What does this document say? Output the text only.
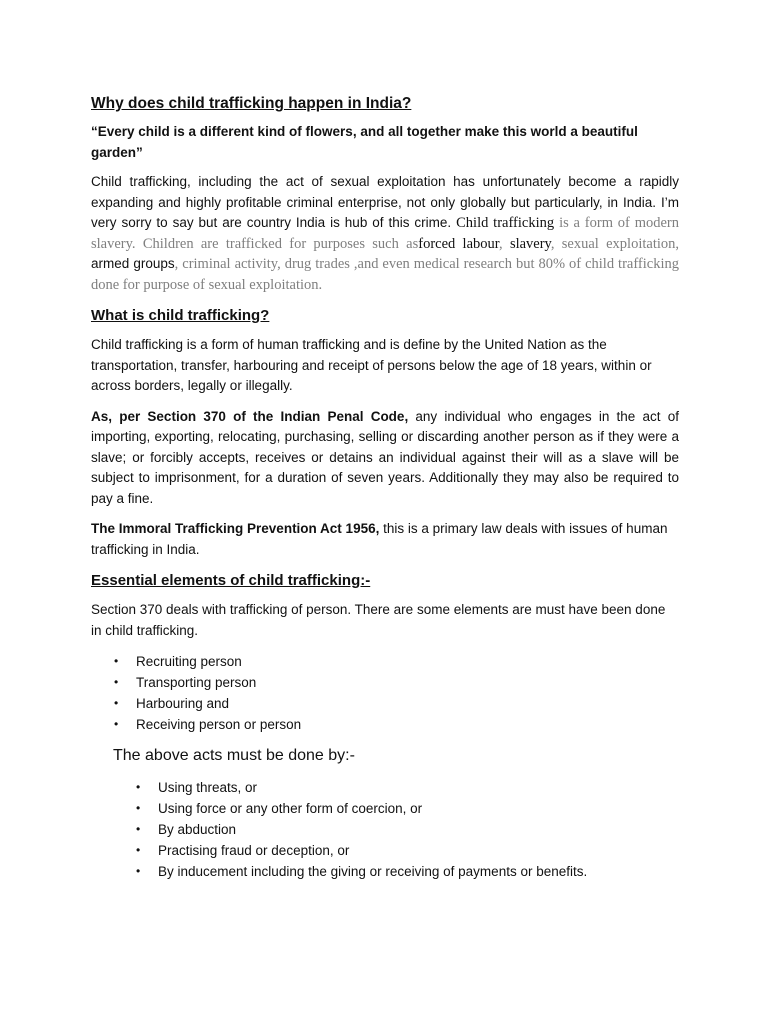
Why does child trafficking happen in India?

“Every child is a different kind of flowers, and all together make this world a beautiful garden”

Child trafficking, including the act of sexual exploitation has unfortunately become a rapidly expanding and highly profitable criminal enterprise, not only globally but particularly, in India. I’m very sorry to say but are country India is hub of this crime. Child trafficking is a form of modern slavery. Children are trafficked for purposes such asforced labour, slavery, sexual exploitation, armed groups, criminal activity, drug trades ,and even medical research but 80% of child trafficking done for purpose of sexual exploitation.

What is child trafficking?

Child trafficking is a form of human trafficking and is define by the United Nation as the transportation, transfer, harbouring and receipt of persons below the age of 18 years, within or across borders, legally or illegally.

As, per Section 370 of the Indian Penal Code, any individual who engages in the act of importing, exporting, relocating, purchasing, selling or discarding another person as if they were a slave; or forcibly accepts, receives or detains an individual against their will as a slave will be subject to imprisonment, for a duration of seven years. Additionally they may also be required to pay a fine.

The Immoral Trafficking Prevention Act 1956, this is a primary law deals with issues of human trafficking in India.

Essential elements of child trafficking:-

Section 370 deals with trafficking of person. There are some elements are must have been done in child trafficking.

• Recruiting person
• Transporting person
• Harbouring and
• Receiving person or person

The above acts must be done by:-

• Using threats, or
• Using force or any other form of coercion, or
• By abduction
• Practising fraud or deception, or
• By inducement including the giving or receiving of payments or benefits.
